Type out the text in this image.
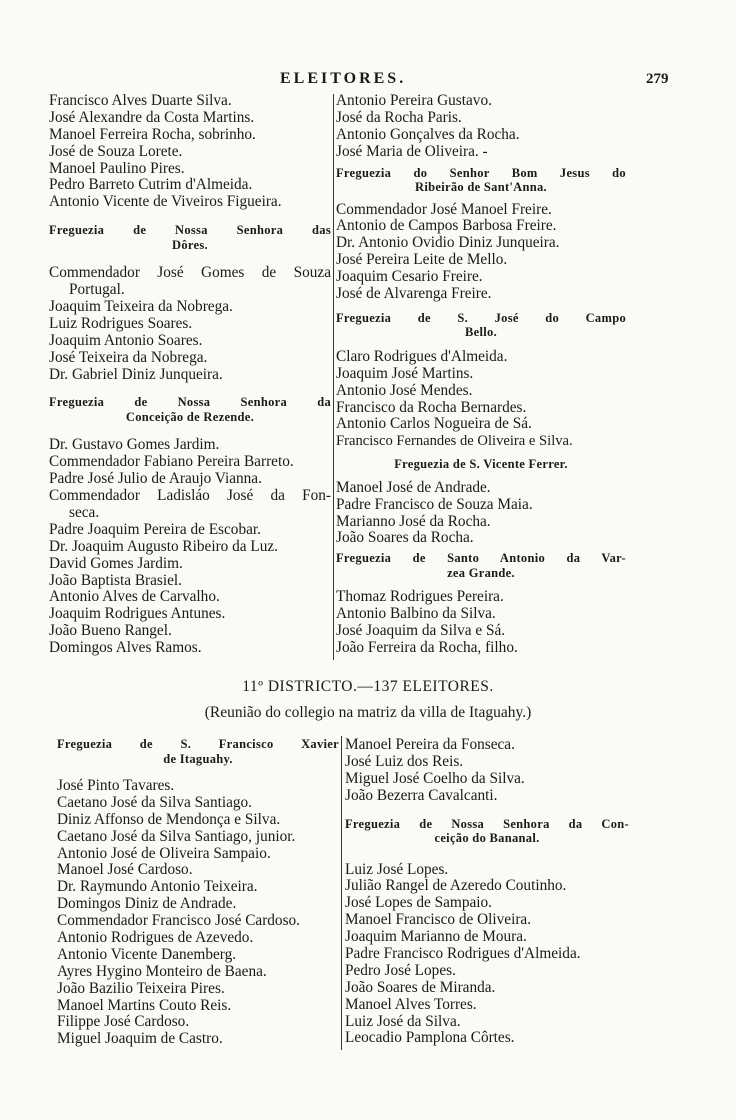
ELEITORES.	279
Francisco Alves Duarte Silva.
José Alexandre da Costa Martins.
Manoel Ferreira Rocha, sobrinho.
José de Souza Lorete.
Manoel Paulino Pires.
Pedro Barreto Cutrim d'Almeida.
Antonio Vicente de Viveiros Figueira.
Freguezia de Nossa Senhora das
Dôres.
Commendador José Gomes de Souza
Portugal.
Joaquim Teixeira da Nobrega.
Luiz Rodrigues Soares.
Joaquim Antonio Soares.
José Teixeira da Nobrega.
Dr. Gabriel Diniz Junqueira.
Freguezia de Nossa Senhora da
Conceição de Rezende.
Dr. Gustavo Gomes Jardim.
Commendador Fabiano Pereira Barreto.
Padre José Julio de Araujo Vianna.
Commendador Ladisláo José da Fon-
seca.
Padre Joaquim Pereira de Escobar.
Dr. Joaquim Augusto Ribeiro da Luz.
David Gomes Jardim.
João Baptista Brasiel.
Antonio Alves de Carvalho.
Joaquim Rodrigues Antunes.
João Bueno Rangel.
Domingos Alves Ramos.
Antonio Pereira Gustavo.
José da Rocha Paris.
Antonio Gonçalves da Rocha.
José Maria de Oliveira. -
Freguezia do Senhor Bom Jesus do
Ribeirão de Sant'Anna.
Commendador José Manoel Freire.
Antonio de Campos Barbosa Freire.
Dr. Antonio Ovidio Diniz Junqueira.
José Pereira Leite de Mello.
Joaquim Cesario Freire.
José de Alvarenga Freire.
Freguezia de S. José do Campo
Bello.
Claro Rodrigues d'Almeida.
Joaquim José Martins.
Antonio José Mendes.
Francisco da Rocha Bernardes.
Antonio Carlos Nogueira de Sá.
Francisco Fernandes de Oliveira e Silva.
Freguezia de S. Vicente Ferrer.
Manoel José de Andrade.
Padre Francisco de Souza Maia.
Marianno José da Rocha.
João Soares da Rocha.
Freguezia de Santo Antonio da Var-
zea Grande.
Thomaz Rodrigues Pereira.
Antonio Balbino da Silva.
José Joaquim da Silva e Sá.
João Ferreira da Rocha, filho.
11º DISTRICTO.—137 ELEITORES.
(Reunião do collegio na matriz da villa de Itaguahy.)
Freguezia de S. Francisco Xavier
de Itaguahy.
José Pinto Tavares.
Caetano José da Silva Santiago.
Diniz Affonso de Mendonça e Silva.
Caetano José da Silva Santiago, junior.
Antonio José de Oliveira Sampaio.
Manoel José Cardoso.
Dr. Raymundo Antonio Teixeira.
Domingos Diniz de Andrade.
Commendador Francisco José Cardoso.
Antonio Rodrigues de Azevedo.
Antonio Vicente Danemberg.
Ayres Hygino Monteiro de Baena.
João Bazilio Teixeira Pires.
Manoel Martins Couto Reis.
Filippe José Cardoso.
Miguel Joaquim de Castro.
Manoel Pereira da Fonseca.
José Luiz dos Reis.
Miguel José Coelho da Silva.
João Bezerra Cavalcanti.
Freguezia de Nossa Senhora da Con-
ceição do Bananal.
Luiz José Lopes.
Julião Rangel de Azeredo Coutinho.
José Lopes de Sampaio.
Manoel Francisco de Oliveira.
Joaquim Marianno de Moura.
Padre Francisco Rodrigues d'Almeida.
Pedro José Lopes.
João Soares de Miranda.
Manoel Alves Torres.
Luiz José da Silva.
Leocadio Pamplona Côrtes.
